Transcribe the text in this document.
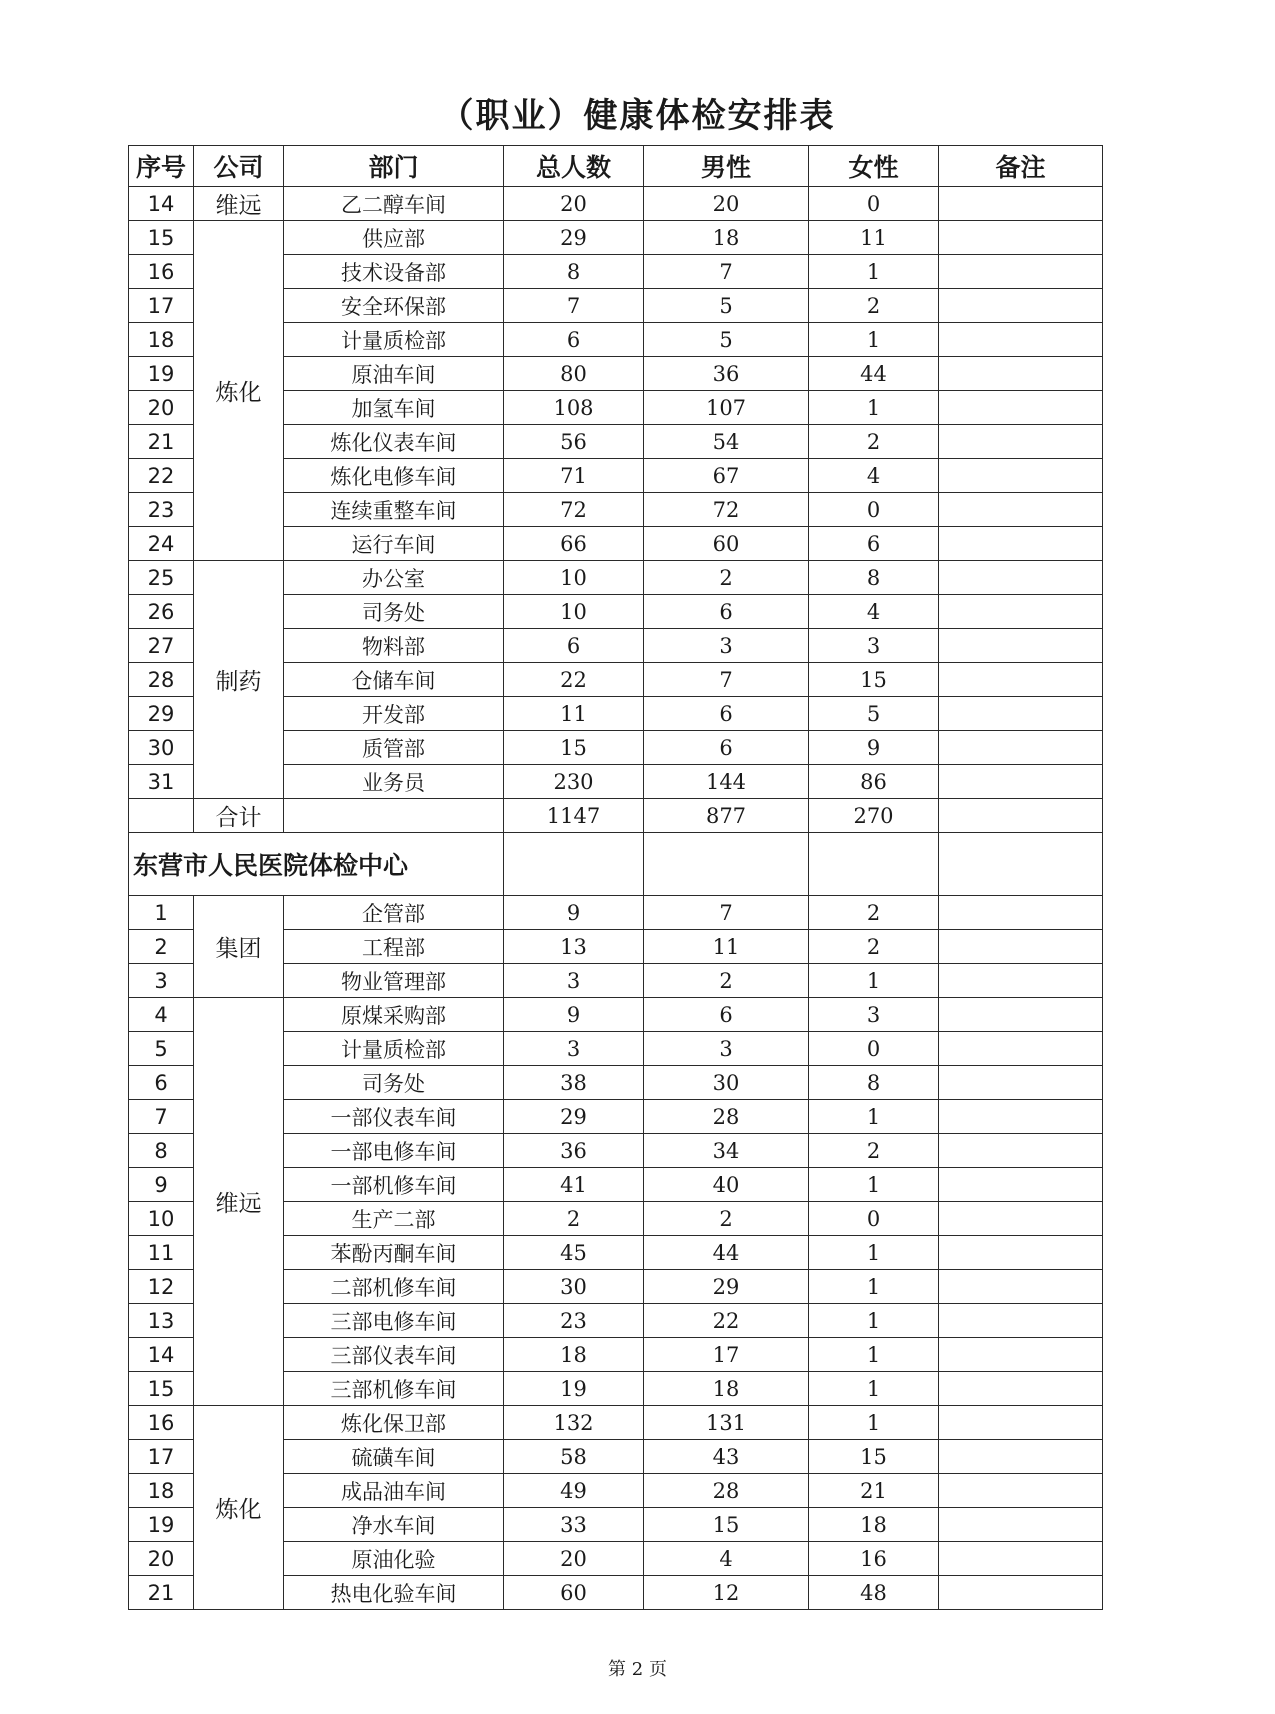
（职业）健康体检安排表
序号	公司	部门	总人数	男性	女性	备注
14	维远	乙二醇车间	20	20	0	
15	炼化	供应部	29	18	11	
16		技术设备部	8	7	1	
17		安全环保部	7	5	2	
18		计量质检部	6	5	1	
19		原油车间	80	36	44	
20		加氢车间	108	107	1	
21		炼化仪表车间	56	54	2	
22		炼化电修车间	71	67	4	
23		连续重整车间	72	72	0	
24		运行车间	66	60	6	
25	制药	办公室	10	2	8	
26		司务处	10	6	4	
27		物料部	6	3	3	
28		仓储车间	22	7	15	
29		开发部	11	6	5	
30		质管部	15	6	9	
31		业务员	230	144	86	
	合计		1147	877	270	
东营市人民医院体检中心						
1	集团	企管部	9	7	2	
2		工程部	13	11	2	
3		物业管理部	3	2	1	
4	维远	原煤采购部	9	6	3	
5		计量质检部	3	3	0	
6		司务处	38	30	8	
7		一部仪表车间	29	28	1	
8		一部电修车间	36	34	2	
9		一部机修车间	41	40	1	
10		生产二部	2	2	0	
11		苯酚丙酮车间	45	44	1	
12		二部机修车间	30	29	1	
13		三部电修车间	23	22	1	
14		三部仪表车间	18	17	1	
15		三部机修车间	19	18	1	
16	炼化	炼化保卫部	132	131	1	
17		硫磺车间	58	43	15	
18		成品油车间	49	28	21	
19		净水车间	33	15	18	
20		原油化验	20	4	16	
21		热电化验车间	60	12	48	
第 2 页
